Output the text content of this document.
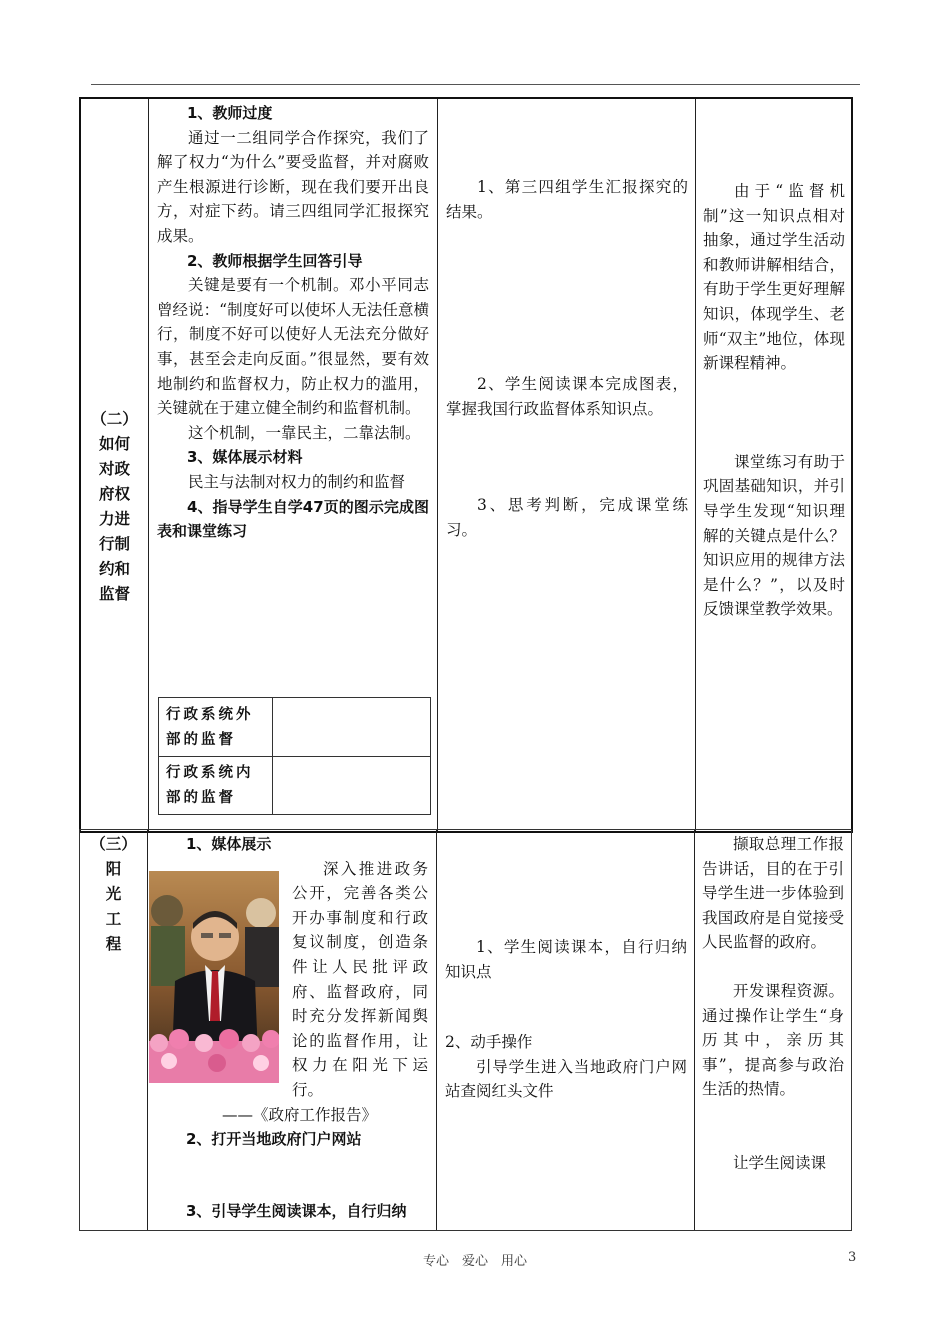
（二）
如何
对政
府权
力进
行制
约和
监督

1、教师过度

通过一二组同学合作探究，我们了解了权力“为什么”要受监督，并对腐败产生根源进行诊断，现在我们要开出良方，对症下药。请三四组同学汇报探究成果。

2、教师根据学生回答引导

关键是要有一个机制。邓小平同志曾经说：“制度好可以使坏人无法任意横行，制度不好可以使好人无法充分做好事，甚至会走向反面。”很显然，要有效地制约和监督权力，防止权力的滥用，关键就在于建立健全制约和监督机制。

这个机制，一靠民主，二靠法制。

3、媒体展示材料

民主与法制对权力的制约和监督

4、指导学生自学47页的图示完成图表和课堂练习

1、第三四组学生汇报探究的结果。

2、学生阅读课本完成图表，掌握我国行政监督体系知识点。

3、思考判断，完成课堂练习。

由于“监督机制”这一知识点相对抽象，通过学生活动和教师讲解相结合，有助于学生更好理解知识，体现学生、老师“双主”地位，体现新课程精神。

课堂练习有助于巩固基础知识，并引导学生发现“知识理解的关键点是什么？知识应用的规律方法是什么？”，以及时反馈课堂教学效果。

行政系统外部的监督
行政系统内部的监督
（三）
阳
光
工
程

1、媒体展示

深入推进政务公开，完善各类公开办事制度和行政复议制度，创造条件让人民批评政府、监督政府，同时充分发挥新闻舆论的监督作用，让权力在阳光下运行。

——《政府工作报告》

2、打开当地政府门户网站

3、引导学生阅读课本，自行归纳

1、学生阅读课本，自行归纳知识点

2、动手操作

引导学生进入当地政府门户网站查阅红头文件

撷取总理工作报告讲话，目的在于引导学生进一步体验到我国政府是自觉接受人民监督的政府。

开发课程资源。通过操作让学生“身历其中，亲历其事”，提高参与政治生活的热情。

让学生阅读课

专心　爱心　用心	3
